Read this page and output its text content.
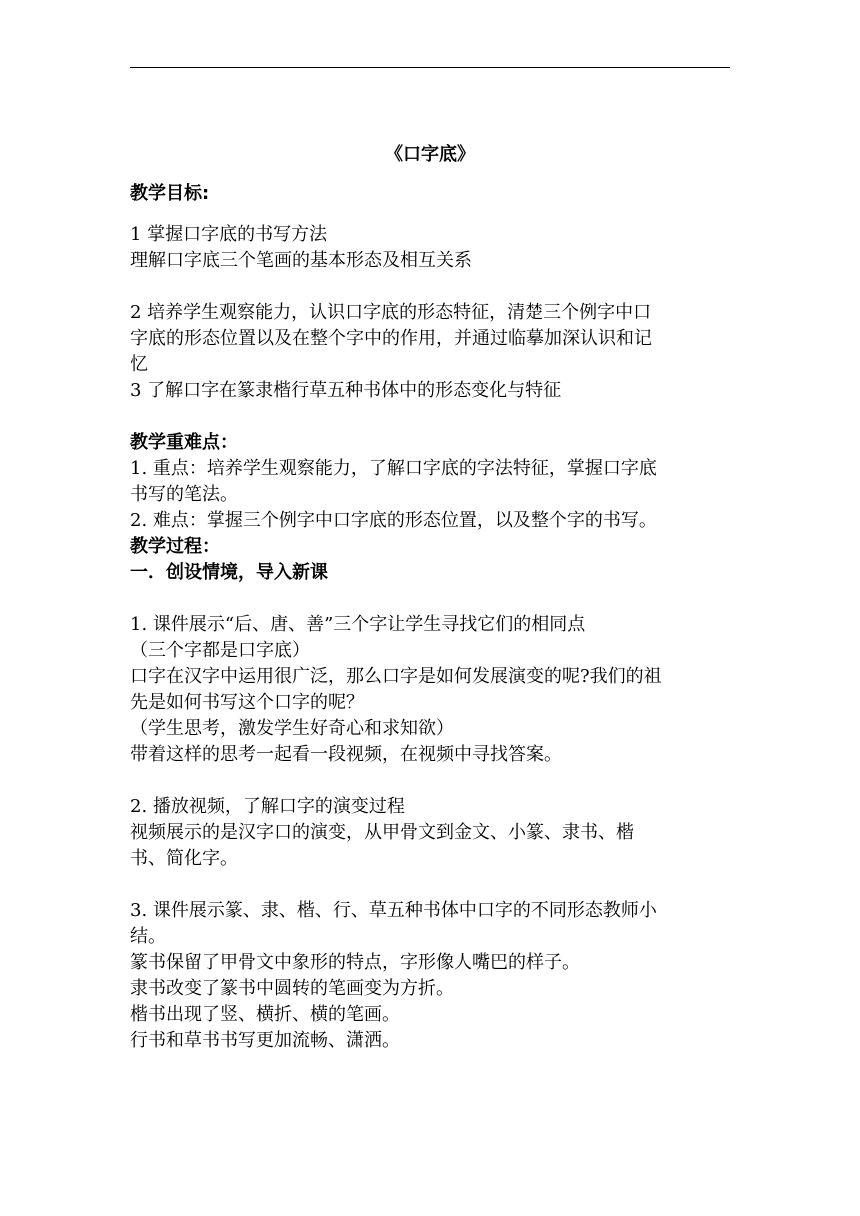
《口字底》
教学目标:
1 掌握口字底的书写方法
理解口字底三个笔画的基本形态及相互关系
2 培养学生观察能力，认识口字底的形态特征，清楚三个例字中口
字底的形态位置以及在整个字中的作用，并通过临摹加深认识和记
忆
3 了解口字在篆隶楷行草五种书体中的形态变化与特征
教学重难点：
1. 重点：培养学生观察能力，了解口字底的字法特征，掌握口字底
书写的笔法。
2. 难点：掌握三个例字中口字底的形态位置，以及整个字的书写。
教学过程：
一．创设情境，导入新课
1. 课件展示“后、唐、善”三个字让学生寻找它们的相同点
（三个字都是口字底）
口字在汉字中运用很广泛，那么口字是如何发展演变的呢?我们的祖
先是如何书写这个口字的呢？
（学生思考，激发学生好奇心和求知欲）
带着这样的思考一起看一段视频，在视频中寻找答案。
2. 播放视频，了解口字的演变过程
视频展示的是汉字口的演变，从甲骨文到金文、小篆、隶书、楷
书、简化字。
3. 课件展示篆、隶、楷、行、草五种书体中口字的不同形态教师小
结。
篆书保留了甲骨文中象形的特点，字形像人嘴巴的样子。
隶书改变了篆书中圆转的笔画变为方折。
楷书出现了竖、横折、横的笔画。
行书和草书书写更加流畅、潇洒。
